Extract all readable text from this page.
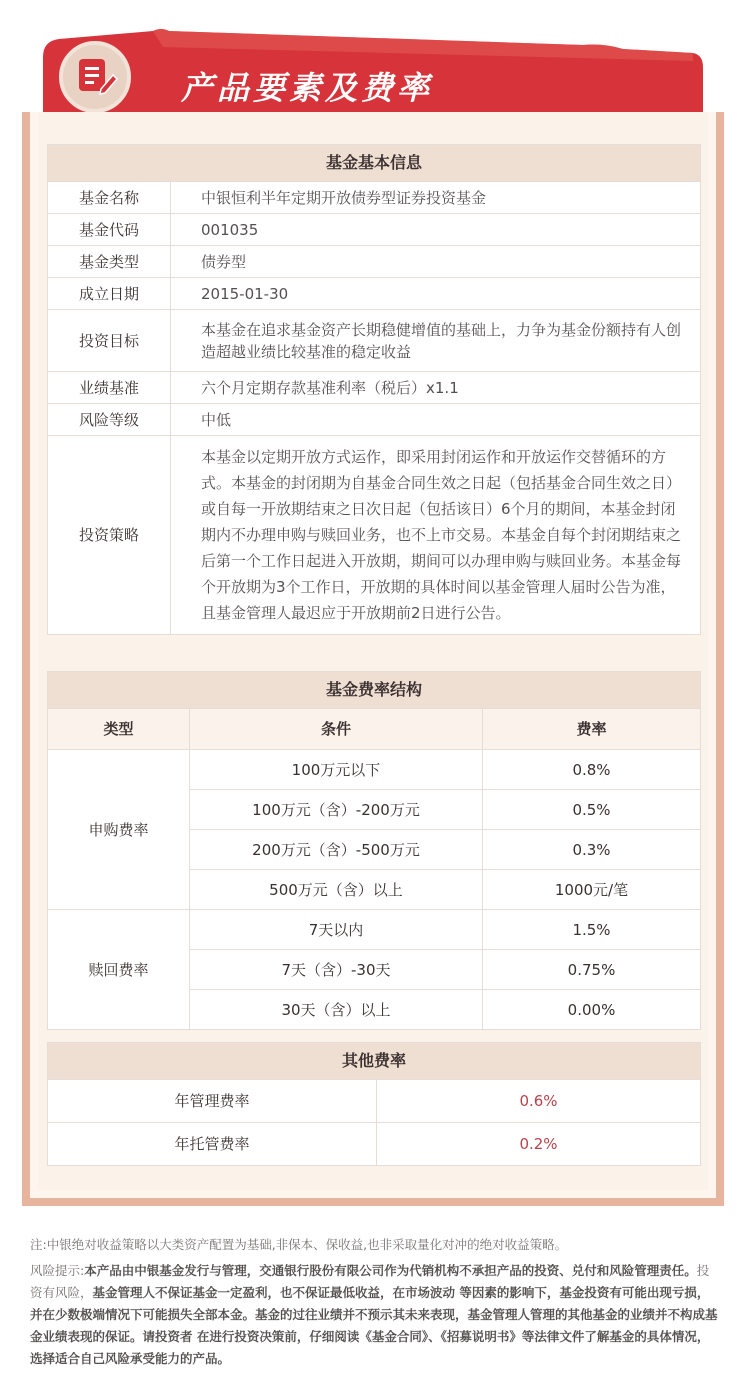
产品要素及费率
基金基本信息	
基金名称	中银恒利半年定期开放债券型证券投资基金
基金代码	001035
基金类型	债券型
成立日期	2015-01-30
投资目标	本基金在追求基金资产长期稳健增值的基础上，力争为基金份额持有人创造超越业绩比较基准的稳定收益
业绩基准	六个月定期存款基准利率（税后）x1.1
风险等级	中低
投资策略	本基金以定期开放方式运作，即采用封闭运作和开放运作交替循环的方式。本基金的封闭期为自基金合同生效之日起（包括基金合同生效之日）或自每一开放期结束之日次日起（包括该日）6个月的期间，本基金封闭期内不办理申购与赎回业务，也不上市交易。本基金自每个封闭期结束之后第一个工作日起进入开放期，期间可以办理申购与赎回业务。本基金每个开放期为3个工作日，开放期的具体时间以基金管理人届时公告为准，且基金管理人最迟应于开放期前2日进行公告。
基金费率结构		
类型	条件	费率
申购费率	100万元以下	0.8%
	100万元（含）-200万元	0.5%
	200万元（含）-500万元	0.3%
	500万元（含）以上	1000元/笔
赎回费率	7天以内	1.5%
	7天（含）-30天	0.75%
	30天（含）以上	0.00%
其他费率	
年管理费率	0.6%
年托管费率	0.2%
注:中银绝对收益策略以大类资产配置为基础,非保本、保收益,也非采取量化对冲的绝对收益策略。
风险提示:本产品由中银基金发行与管理，交通银行股份有限公司作为代销机构不承担产品的投资、兑付和风险管理责任。投资有风险，基金管理人不保证基金一定盈利，也不保证最低收益，在市场波动 等因素的影响下，基金投资有可能出现亏损，并在少数极端情况下可能损失全部本金。基金的过往业绩并不预示其未来表现，基金管理人管理的其他基金的业绩并不构成基金业绩表现的保证。请投资者 在进行投资决策前，仔细阅读《基金合同》、《招募说明书》等法律文件了解基金的具体情况，选择适合自己风险承受能力的产品。
